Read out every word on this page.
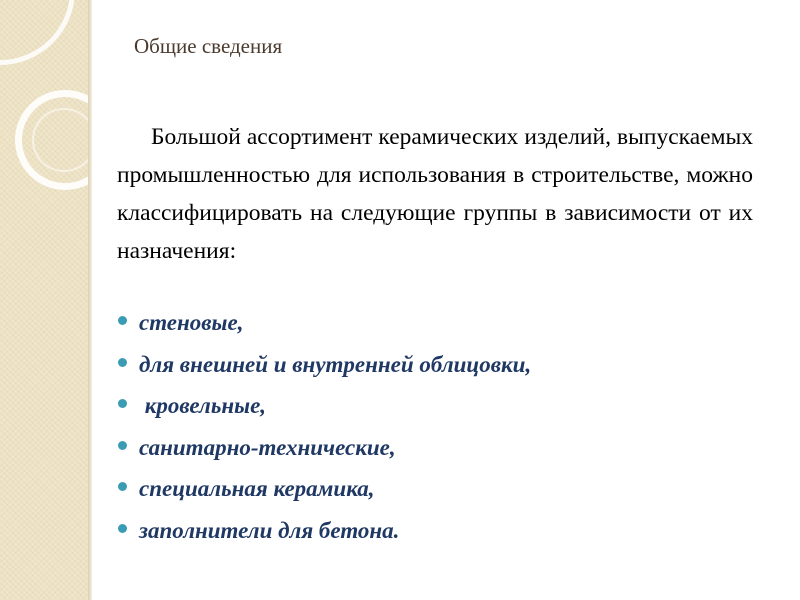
Общие сведения

Большой ассортимент керамических изделий, выпускаемых промышленностью для использования в строительстве, можно классифицировать на следующие группы в зависимости от их назначения:

стеновые,
для внешней и внутренней облицовки,
кровельные,
санитарно-технические,
специальная керамика,
заполнители для бетона.
